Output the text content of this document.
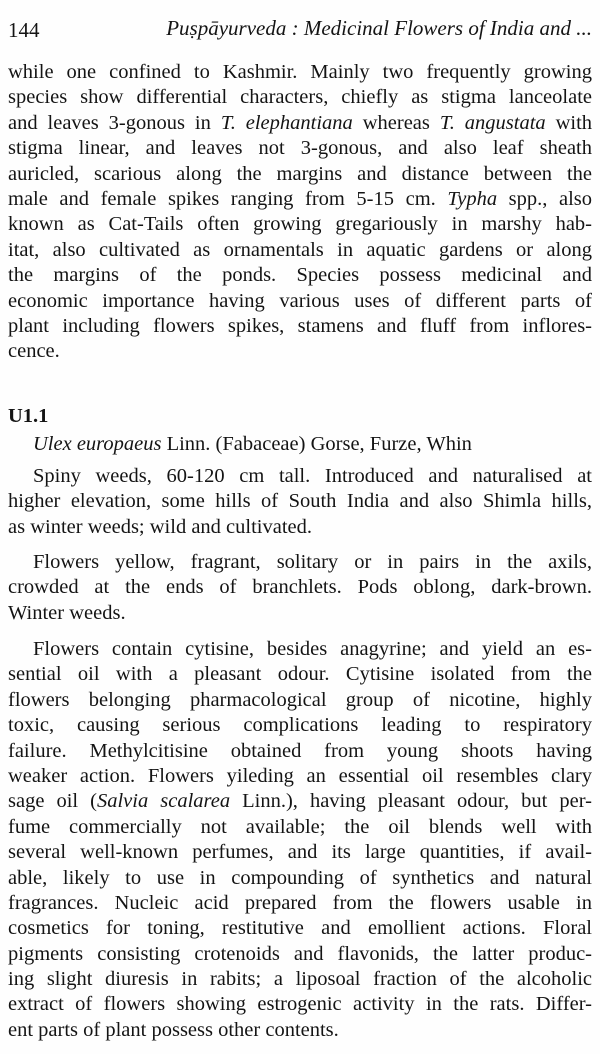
144	Puṣpāyurveda : Medicinal Flowers of India and ...
while one confined to Kashmir. Mainly two frequently growing
species show differential characters, chiefly as stigma lanceolate
and leaves 3-gonous in T. elephantiana whereas T. angustata with
stigma linear, and leaves not 3-gonous, and also leaf sheath
auricled, scarious along the margins and distance between the
male and female spikes ranging from 5-15 cm. Typha spp., also
known as Cat-Tails often growing gregariously in marshy hab-
itat, also cultivated as ornamentals in aquatic gardens or along
the margins of the ponds. Species possess medicinal and
economic importance having various uses of different parts of
plant including flowers spikes, stamens and fluff from inflores-
cence.
U1.1
Ulex europaeus Linn. (Fabaceae) Gorse, Furze, Whin
Spiny weeds, 60-120 cm tall. Introduced and naturalised at
higher elevation, some hills of South India and also Shimla hills,
as winter weeds; wild and cultivated.
Flowers yellow, fragrant, solitary or in pairs in the axils,
crowded at the ends of branchlets. Pods oblong, dark-brown.
Winter weeds.
Flowers contain cytisine, besides anagyrine; and yield an es-
sential oil with a pleasant odour. Cytisine isolated from the
flowers belonging pharmacological group of nicotine, highly
toxic, causing serious complications leading to respiratory
failure. Methylcitisine obtained from young shoots having
weaker action. Flowers yileding an essential oil resembles clary
sage oil (Salvia scalarea Linn.), having pleasant odour, but per-
fume commercially not available; the oil blends well with
several well-known perfumes, and its large quantities, if avail-
able, likely to use in compounding of synthetics and natural
fragrances. Nucleic acid prepared from the flowers usable in
cosmetics for toning, restitutive and emollient actions. Floral
pigments consisting crotenoids and flavonids, the latter produc-
ing slight diuresis in rabits; a liposoal fraction of the alcoholic
extract of flowers showing estrogenic activity in the rats. Differ-
ent parts of plant possess other contents.
